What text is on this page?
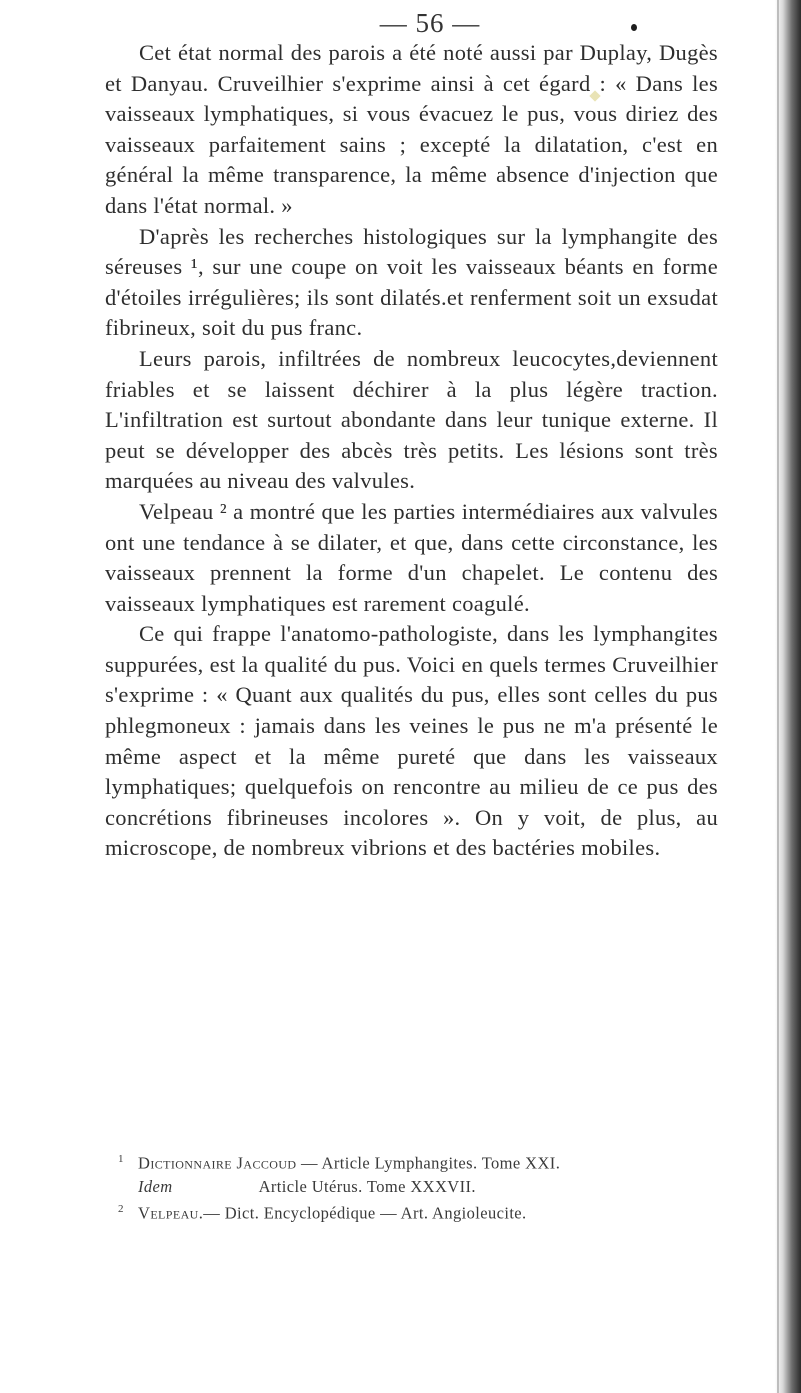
— 56 —

Cet état normal des parois a été noté aussi par Duplay, Dugès et Danyau. Cruveilhier s'exprime ainsi à cet égard : « Dans les vaisseaux lymphatiques, si vous évacuez le pus, vous diriez des vaisseaux parfaitement sains ; excepté la dilatation, c'est en général la même transparence, la même absence d'injection que dans l'état normal. »

D'après les recherches histologiques sur la lymphangite des séreuses ¹, sur une coupe on voit les vaisseaux béants en forme d'étoiles irrégulières; ils sont dilatés.et renferment soit un exsudat fibrineux, soit du pus franc.

Leurs parois, infiltrées de nombreux leucocytes,deviennent friables et se laissent déchirer à la plus légère traction. L'infiltration est surtout abondante dans leur tunique externe. Il peut se développer des abcès très petits. Les lésions sont très marquées au niveau des valvules.

Velpeau ² a montré que les parties intermédiaires aux valvules ont une tendance à se dilater, et que, dans cette circonstance, les vaisseaux prennent la forme d'un chapelet. Le contenu des vaisseaux lymphatiques est rarement coagulé.

Ce qui frappe l'anatomo-pathologiste, dans les lymphangites suppurées, est la qualité du pus. Voici en quels termes Cruveilhier s'exprime : « Quant aux qualités du pus, elles sont celles du pus phlegmoneux : jamais dans les veines le pus ne m'a présenté le même aspect et la même pureté que dans les vaisseaux lymphatiques; quelquefois on rencontre au milieu de ce pus des concrétions fibrineuses incolores ». On y voit, de plus, au microscope, de nombreux vibrions et des bactéries mobiles.

1 Dictionnaire Jaccoud — Article Lymphangites. Tome XXI.
Idem	Article Utérus. Tome XXXVII.
2 Velpeau.— Dict. Encyclopédique — Art. Angioleucite.
